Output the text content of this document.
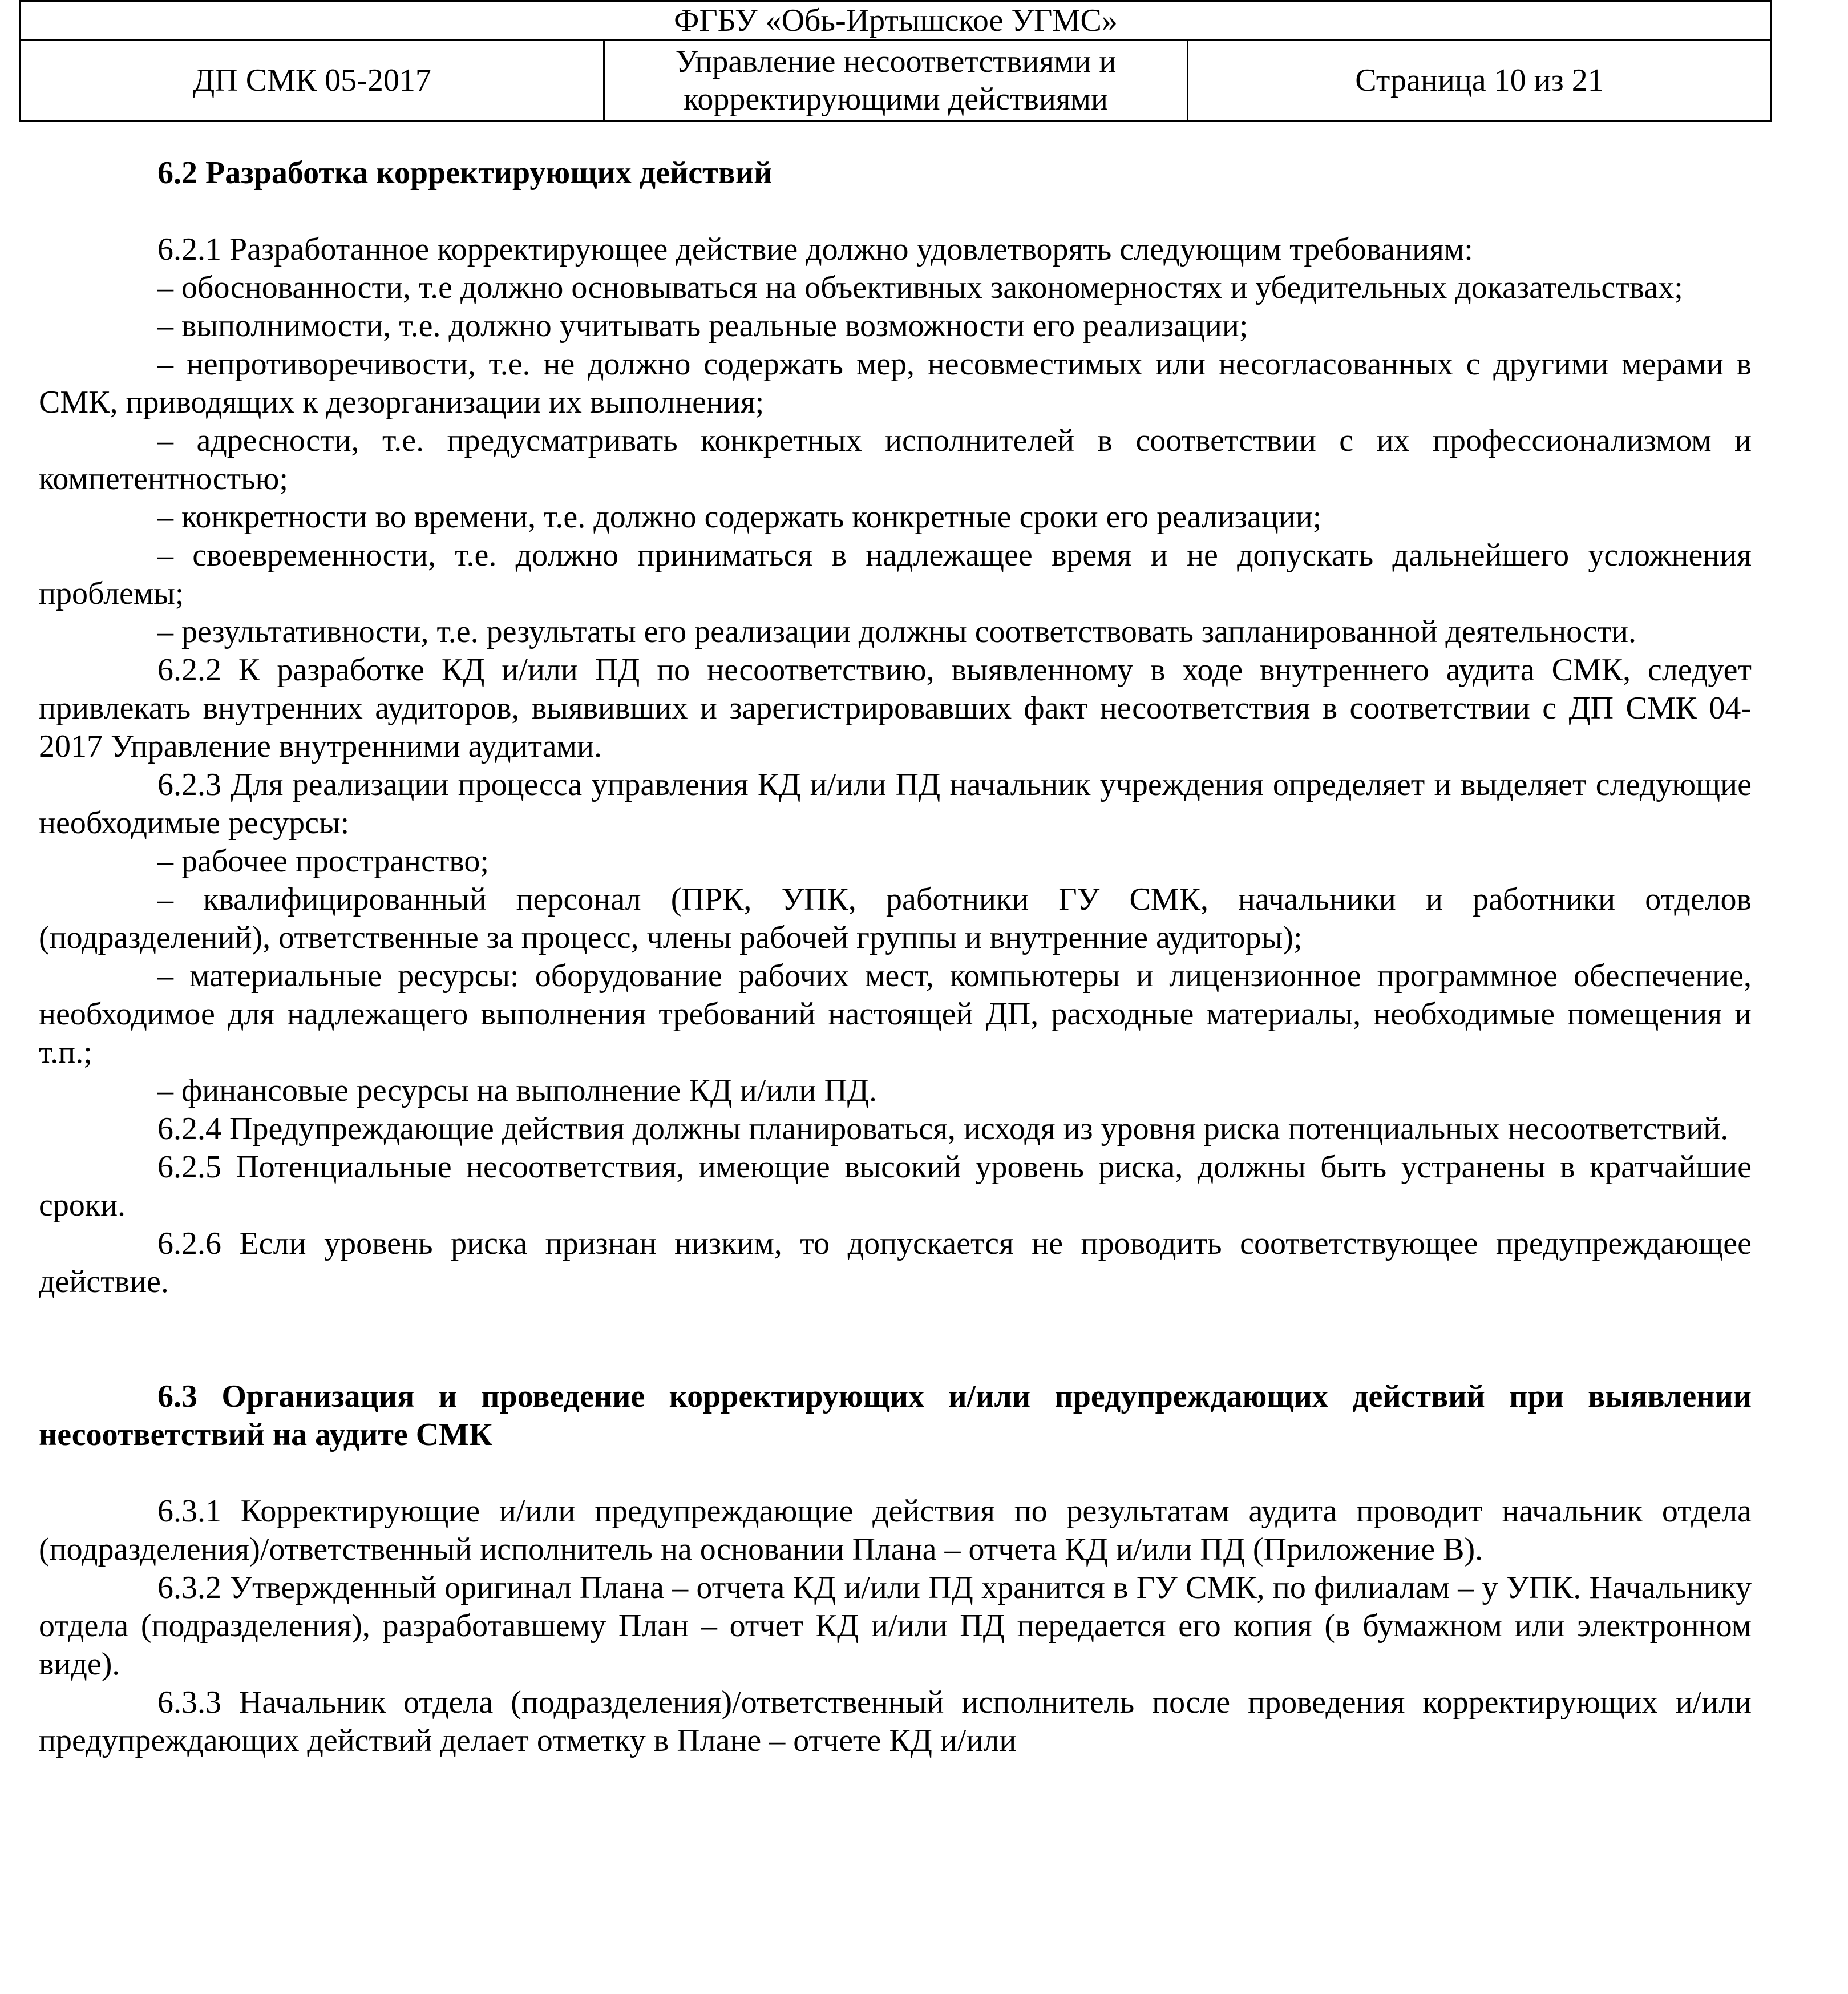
ФГБУ «Обь-Иртышское УГМС»
ДП СМК 05-2017	Управление несоответствиями и корректирующими действиями	Страница 10 из 21

6.2 Разработка корректирующих действий

6.2.1 Разработанное корректирующее действие должно удовлетворять следующим требованиям:

– обоснованности, т.е должно основываться на объективных закономерностях и убедительных доказательствах;

– выполнимости, т.е. должно учитывать реальные возможности его реализации;

– непротиворечивости, т.е. не должно содержать мер, несовместимых или несогласованных с другими мерами в СМК, приводящих к дезорганизации их выполнения;

– адресности, т.е. предусматривать конкретных исполнителей в соответствии с их профессионализмом и компетентностью;

– конкретности во времени, т.е. должно содержать конкретные сроки его реализации;

– своевременности, т.е. должно приниматься в надлежащее время и не допускать дальнейшего усложнения проблемы;

– результативности, т.е. результаты его реализации должны соответствовать запланированной деятельности.

6.2.2 К разработке КД и/или ПД по несоответствию, выявленному в ходе внутреннего аудита СМК, следует привлекать внутренних аудиторов, выявивших и зарегистрировавших факт несоответствия в соответствии с ДП СМК 04-2017 Управление внутренними аудитами.

6.2.3 Для реализации процесса управления КД и/или ПД начальник учреждения определяет и выделяет следующие необходимые ресурсы:

– рабочее пространство;

– квалифицированный персонал (ПРК, УПК, работники ГУ СМК, начальники и работники отделов (подразделений), ответственные за процесс, члены рабочей группы и внутренние аудиторы);

– материальные ресурсы: оборудование рабочих мест, компьютеры и лицензионное программное обеспечение, необходимое для надлежащего выполнения требований настоящей ДП, расходные материалы, необходимые помещения и т.п.;

– финансовые ресурсы на выполнение КД и/или ПД.

6.2.4 Предупреждающие действия должны планироваться, исходя из уровня риска потенциальных несоответствий.

6.2.5 Потенциальные несоответствия, имеющие высокий уровень риска, должны быть устранены в кратчайшие сроки.

6.2.6 Если уровень риска признан низким, то допускается не проводить соответствующее предупреждающее действие.

6.3 Организация и проведение корректирующих и/или предупреждающих действий при выявлении несоответствий на аудите СМК

6.3.1 Корректирующие и/или предупреждающие действия по результатам аудита проводит начальник отдела (подразделения)/ответственный исполнитель на основании Плана – отчета КД и/или ПД (Приложение В).

6.3.2 Утвержденный оригинал Плана – отчета КД и/или ПД хранится в ГУ СМК, по филиалам – у УПК. Начальнику отдела (подразделения), разработавшему План – отчет КД и/или ПД передается его копия (в бумажном или электронном виде).

6.3.3 Начальник отдела (подразделения)/ответственный исполнитель после проведения корректирующих и/или предупреждающих действий делает отметку в Плане – отчете КД и/или
